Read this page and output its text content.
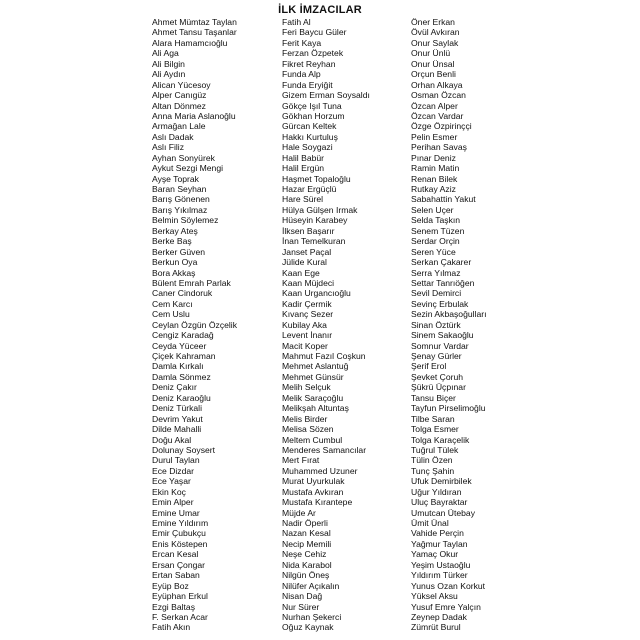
İLK İMZACILAR
Ahmet Mümtaz Taylan
Ahmet Tansu Taşanlar
Alara Hamamcıoğlu
Ali Aga
Ali Bilgin
Ali Aydın
Alican Yücesoy
Alper Canıgüz
Altan Dönmez
Anna Maria Aslanoğlu
Armağan Lale
Aslı Dadak
Aslı Filiz
Ayhan Sonyürek
Aykut Sezgi Mengi
Ayşe Toprak
Baran Seyhan
Barış Gönenen
Barış Yıkılmaz
Belmin Söylemez
Berkay Ateş
Berke Baş
Berker Güven
Berkun Oya
Bora Akkaş
Bülent Emrah Parlak
Caner Cindoruk
Cem Karcı
Cem Uslu
Ceylan Özgün Özçelik
Cengiz Karadağ
Ceyda Yüceer
Çiçek Kahraman
Damla Kırkalı
Damla Sönmez
Deniz Çakır
Deniz Karaoğlu
Deniz Türkali
Devrim Yakut
Dilde Mahalli
Doğu Akal
Dolunay Soysert
Durul Taylan
Ece Dizdar
Ece Yaşar
Ekin Koç
Emin Alper
Emine Umar
Emine Yıldırım
Emir Çubukçu
Enis Köstepen
Ercan Kesal
Ersan Çongar
Ertan Saban
Eyüp Boz
Eyüphan Erkul
Ezgi Baltaş
F. Serkan Acar
Fatih Akın
Fatih Al
Feri Baycu Güler
Ferit Kaya
Ferzan Özpetek
Fikret Reyhan
Funda Alp
Funda Eryiğit
Gizem Erman Soysaldı
Gökçe Işıl Tuna
Gökhan Horzum
Gürcan Keltek
Hakkı Kurtuluş
Hale Soygazi
Halil Babür
Halil Ergün
Haşmet Topaloğlu
Hazar Ergüçlü
Hare Sürel
Hülya Gülşen Irmak
Hüseyin Karabey
İlksen Başarır
İnan Temelkuran
Janset Paçal
Jülide Kural
Kaan Ege
Kaan Müjdeci
Kaan Urgancıoğlu
Kadir Çermik
Kıvanç Sezer
Kubilay Aka
Levent İnanır
Macit Koper
Mahmut Fazıl Coşkun
Mehmet Aslantuğ
Mehmet Günsür
Melih Selçuk
Melik Saraçoğlu
Melikşah Altuntaş
Melis Birder
Melisa Sözen
Meltem Cumbul
Menderes Samancılar
Mert Fırat
Muhammed Uzuner
Murat Uyurkulak
Mustafa Avkıran
Mustafa Kırantepe
Müjde Ar
Nadir Öperli
Nazan Kesal
Necip Memili
Neşe Cehiz
Nida Karabol
Nilgün Öneş
Nilüfer Açıkalın
Nisan Dağ
Nur Sürer
Nurhan Şekerci
Oğuz Kaynak
Öner Erkan
Övül Avkıran
Onur Saylak
Onur Ünlü
Onur Ünsal
Orçun Benli
Orhan Alkaya
Osman Özcan
Özcan Alper
Özcan Vardar
Özge Özpirinççi
Pelin Esmer
Perihan Savaş
Pınar Deniz
Ramin Matin
Renan Bilek
Rutkay Aziz
Sabahattin Yakut
Selen Uçer
Selda Taşkın
Senem Tüzen
Serdar Orçin
Seren Yüce
Serkan Çakarer
Serra Yılmaz
Settar Tanrıöğen
Sevil Demirci
Sevinç Erbulak
Sezin Akbaşoğulları
Sinan Öztürk
Sinem Sakaoğlu
Somnur Vardar
Şenay Gürler
Şerif Erol
Şevket Çoruh
Şükrü Üçpınar
Tansu Biçer
Tayfun Pirselimoğlu
Tilbe Saran
Tolga Esmer
Tolga Karaçelik
Tuğrul Tülek
Tülin Özen
Tunç Şahin
Ufuk Demirbilek
Uğur Yıldıran
Uluç Bayraktar
Umutcan Ütebay
Ümit Ünal
Vahide Perçin
Yağmur Taylan
Yamaç Okur
Yeşim Ustaoğlu
Yıldırım Türker
Yunus Ozan Korkut
Yüksel Aksu
Yusuf Emre Yalçın
Zeynep Dadak
Zümrüt Burul
